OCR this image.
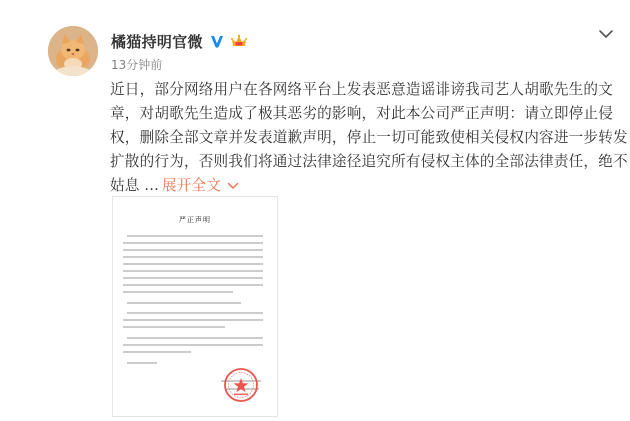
橘猫持明官微
13分钟前

近日，部分网络用户在各网络平台上发表恶意造谣诽谤我司艺人胡歌先生的文
章，对胡歌先生造成了极其恶劣的影响，对此本公司严正声明：请立即停止侵
权，删除全部文章并发表道歉声明，停止一切可能致使相关侵权内容进一步转发
扩散的行为，否则我们将通过法律途径追究所有侵权主体的全部法律责任，绝不
姑息 ... 展开全文

严正声明
